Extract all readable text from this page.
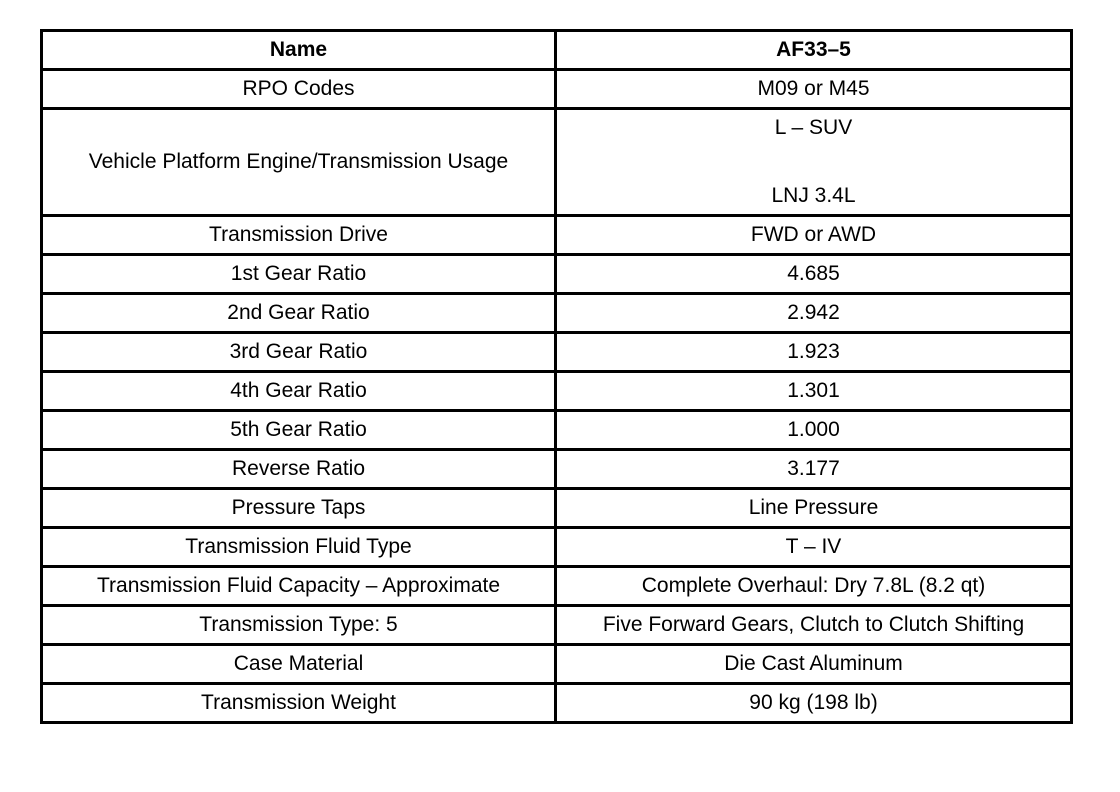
Name	AF33–5
RPO Codes	M09 or M45
Vehicle Platform Engine/Transmission Usage	L – SUV
LNJ 3.4L

Transmission Drive	FWD or AWD
1st Gear Ratio	4.685
2nd Gear Ratio	2.942
3rd Gear Ratio	1.923
4th Gear Ratio	1.301
5th Gear Ratio	1.000
Reverse Ratio	3.177
Pressure Taps	Line Pressure
Transmission Fluid Type	T – IV
Transmission Fluid Capacity – Approximate	Complete Overhaul: Dry 7.8L (8.2 qt)
Transmission Type: 5	Five Forward Gears, Clutch to Clutch Shifting
Case Material	Die Cast Aluminum
Transmission Weight	90 kg (198 lb)
